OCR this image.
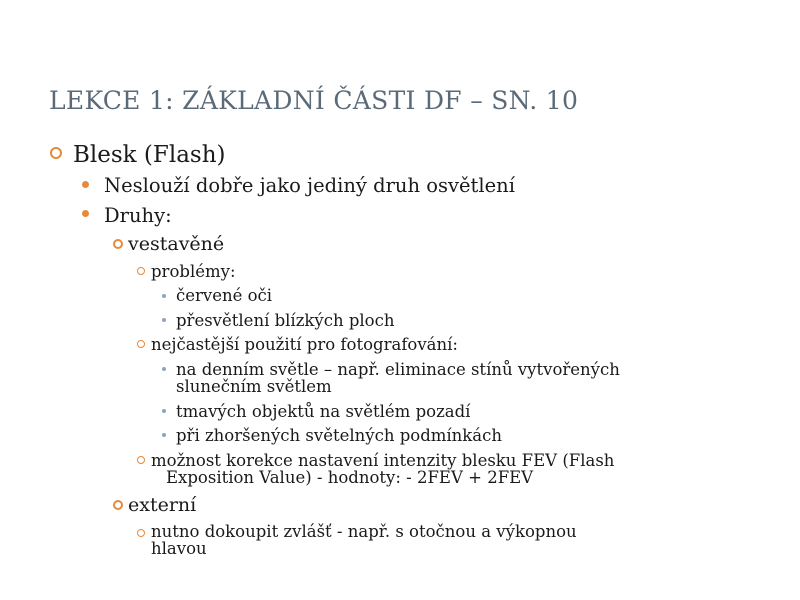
LEKCE 1: ZÁKLADNÍ ČÁSTI DF – SN. 10
Blesk (Flash)
Neslouží dobře jako jediný druh osvětlení
Druhy:
vestavěné
problémy:
červené oči
přesvětlení blízkých ploch
nejčastější použití pro fotografování:
na denním světle – např. eliminace stínů vytvořených
slunečním světlem
tmavých objektů na světlém pozadí
při zhoršených světelných podmínkách
možnost korekce nastavení intenzity blesku FEV (Flash
Exposition Value) - hodnoty: - 2FEV + 2FEV
externí
nutno dokoupit zvlášť - např. s otočnou a výkopnou
hlavou
